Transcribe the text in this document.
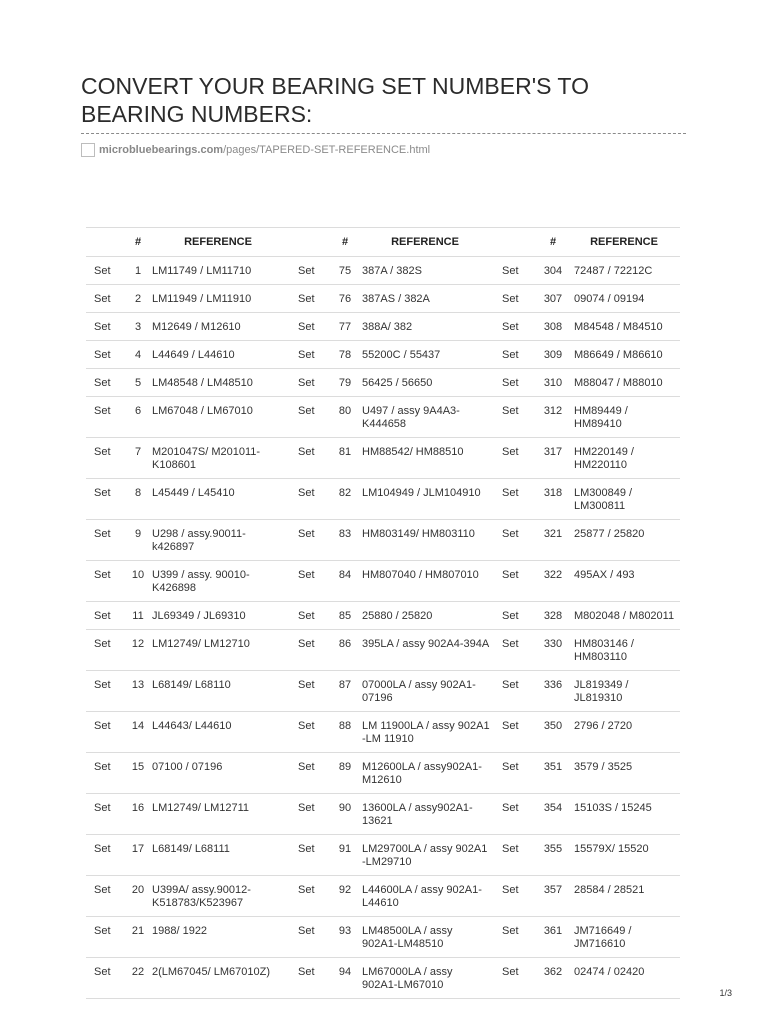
CONVERT YOUR BEARING SET NUMBER'S TO BEARING NUMBERS:
microbluebearings.com /pages/TAPERED-SET-REFERENCE.html
	#	REFERENCE		#	REFERENCE		#	REFERENCE
Set	1	LM11749 / LM11710	Set	75	387A / 382S	Set	304	72487 / 72212C
Set	2	LM11949 / LM11910	Set	76	387AS / 382A	Set	307	09074 / 09194
Set	3	M12649 / M12610	Set	77	388A/ 382	Set	308	M84548 / M84510
Set	4	L44649 / L44610	Set	78	55200C / 55437	Set	309	M86649 / M86610
Set	5	LM48548 / LM48510	Set	79	56425 / 56650	Set	310	M88047 / M88010
Set	6	LM67048 / LM67010	Set	80	U497 / assy 9A4A3-K444658	Set	312	HM89449 / HM89410
Set	7	M201047S/ M201011-K108601	Set	81	HM88542/ HM88510	Set	317	HM220149 / HM220110
Set	8	L45449 / L45410	Set	82	LM104949 / JLM104910	Set	318	LM300849 / LM300811
Set	9	U298 / assy.90011-k426897	Set	83	HM803149/ HM803110	Set	321	25877 / 25820
Set	10	U399 / assy. 90010-K426898	Set	84	HM807040 / HM807010	Set	322	495AX / 493
Set	11	JL69349 / JL69310	Set	85	25880 / 25820	Set	328	M802048 / M802011
Set	12	LM12749/ LM12710	Set	86	395LA / assy 902A4-394A	Set	330	HM803146 / HM803110
Set	13	L68149/ L68110	Set	87	07000LA / assy 902A1-07196	Set	336	JL819349 / JL819310
Set	14	L44643/ L44610	Set	88	LM 11900LA / assy 902A1 -LM 11910	Set	350	2796 / 2720
Set	15	07100 / 07196	Set	89	M12600LA / assy902A1-M12610	Set	351	3579 / 3525
Set	16	LM12749/ LM12711	Set	90	13600LA / assy902A1-13621	Set	354	15103S / 15245
Set	17	L68149/ L68111	Set	91	LM29700LA / assy 902A1 -LM29710	Set	355	15579X/ 15520
Set	20	U399A/ assy.90012-K518783/K523967	Set	92	L44600LA / assy 902A1-L44610	Set	357	28584 / 28521
Set	21	1988/ 1922	Set	93	LM48500LA / assy 902A1-LM48510	Set	361	JM716649 / JM716610
Set	22	2(LM67045/ LM67010Z)	Set	94	LM67000LA / assy 902A1-LM67010	Set	362	02474 / 02420
1/3
